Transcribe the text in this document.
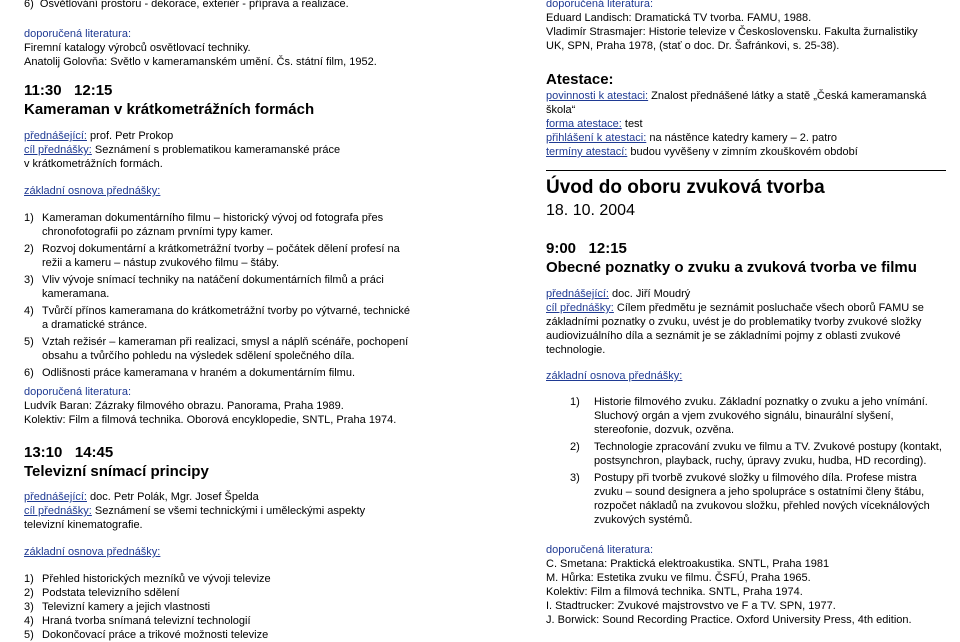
6)  Osvětlování prostoru - dekorace, exteriér - příprava a realizace.
doporučená literatura:
Firemní katalogy výrobců osvětlovací techniky.
Anatolij Golovňa: Světlo v kameramanském umění. Čs. státní film, 1952.
11:30   12:15
Kameraman v krátkometrážních formách
přednášející: prof. Petr Prokop
cíl přednášky: Seznámení s problematikou kameramanské práce
v krátkometrážních formách.
základní osnova přednášky:
1) Kameraman dokumentárního filmu – historický vývoj od fotografa přes chronofotografii po záznam prvními typy kamer.
2) Rozvoj dokumentární a krátkometrážní tvorby – počátek dělení profesí na režii a kameru – nástup zvukového filmu – štáby.
3) Vliv vývoje snímací techniky na natáčení dokumentárních filmů a práci kameramana.
4) Tvůrčí přínos kameramana do krátkometrážní tvorby po výtvarné, technické a dramatické stránce.
5) Vztah režisér – kameraman při realizaci, smysl a náplň scénáře, pochopení obsahu a tvůrčího pohledu na výsledek sdělení společného díla.
6) Odlišnosti práce kameramana v hraném a dokumentárním filmu.
doporučená literatura:
Ludvík Baran: Zázraky filmového obrazu. Panorama, Praha 1989.
Kolektiv: Film a filmová technika. Oborová encyklopedie, SNTL, Praha 1974.
13:10   14:45
Televizní snímací principy
přednášející: doc. Petr Polák, Mgr. Josef Špelda
cíl přednášky: Seznámení se všemi technickými i uměleckými aspekty
televizní kinematografie.
základní osnova přednášky:
1) Přehled historických mezníků ve vývoji televize
2) Podstata televizního sdělení
3) Televizní kamery a jejich vlastnosti
4) Hraná tvorba snímaná televizní technologií
5) Dokončovací práce a trikové možnosti televize
doporučená literatura:
Eduard Landisch: Dramatická TV tvorba. FAMU, 1988.
Vladimír Strasmajer: Historie televize v Československu. Fakulta žurnalistiky
UK, SPN, Praha 1978, (stať o doc. Dr. Šafránkovi, s. 25-38).
Atestace:
povinnosti k atestaci: Znalost přednášené látky a statě „Česká kameramanská
škola“
forma atestace: test
přihlášení k atestaci: na nástěnce katedry kamery – 2. patro
termíny atestací: budou vyvěšeny v zimním zkouškovém období
Úvod do oboru zvuková tvorba
18. 10. 2004
9:00   12:15
Obecné poznatky o zvuku a zvuková tvorba ve filmu
přednášející: doc. Jiří Moudrý
cíl přednášky: Cílem předmětu je seznámit posluchače všech oborů FAMU se
základními poznatky o zvuku, uvést je do problematiky tvorby zvukové složky
audiovizuálního díla a seznámit je se základními pojmy z oblasti zvukové
technologie.
základní osnova přednášky:
1) Historie filmového zvuku. Základní poznatky o zvuku a jeho vnímání. Sluchový orgán a vjem zvukového signálu, binaurální slyšení, stereofonie, dozvuk, ozvěna.
2) Technologie zpracování zvuku ve filmu a TV. Zvukové postupy (kontakt, postsynchron, playback, ruchy, úpravy zvuku, hudba, HD recording).
3) Postupy při tvorbě zvukové složky u filmového díla. Profese mistra zvuku – sound designera a jeho spolupráce s ostatními členy štábu, rozpočet nákladů na zvukovou složku, přehled nových víceknálových zvukových systémů.
doporučená literatura:
C. Smetana: Praktická elektroakustika. SNTL, Praha 1981
M. Hůrka: Estetika zvuku ve filmu. ČSFÚ, Praha 1965.
Kolektiv: Film a filmová technika. SNTL, Praha 1974.
I. Stadtrucker: Zvukové majstrovstvo ve F a TV. SPN, 1977.
J. Borwick: Sound Recording Practice. Oxford University Press, 4th edition.
